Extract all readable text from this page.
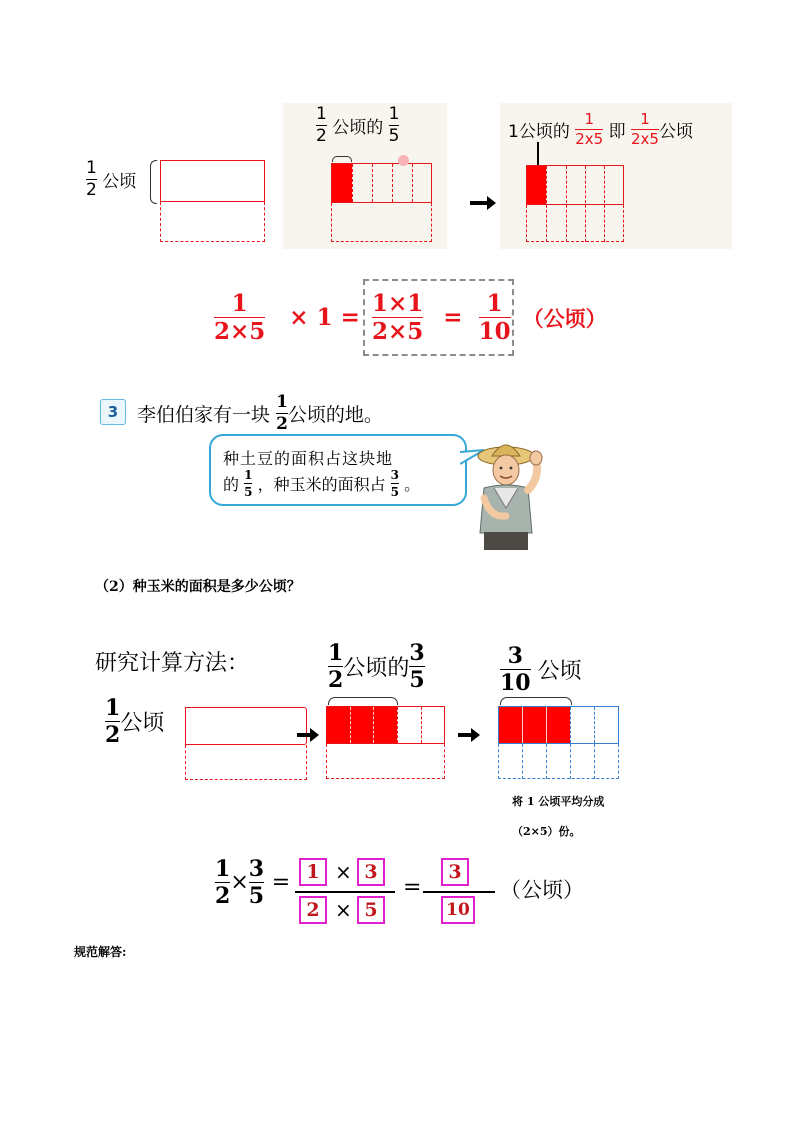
$\frac{1}{2}$ 公顷
$\frac{1}{2}$ 公顷的 $\frac{1}{5}$	1公顷的 $\frac{1}{2x5}$ 即 $\frac{1}{2x5}$ 公顷
$\frac{1}{2\times 5} \times 1 = \frac{1\times 1}{2\times 5} = \frac{1}{10}$ （公顷）
3 李伯伯家有一块 $\frac{1}{2}$ 公顷的地。
种土豆的面积占这块地
的 $\frac{1}{5}$ ，种玉米的面积占 $\frac{3}{5}$ 。
（2）种玉米的面积是多少公顷？
研究计算方法：	$\frac{1}{2}$ 公顷的 $\frac{3}{5}$	$\frac{3}{10}$ 公顷
$\frac{1}{2}$ 公顷
将 1 公顷平均分成
（2×5）份。
$\frac{1}{2} \times \frac{3}{5} = 1 \times 3$
2 × 5
=
3
10
（公顷）
规范解答:
